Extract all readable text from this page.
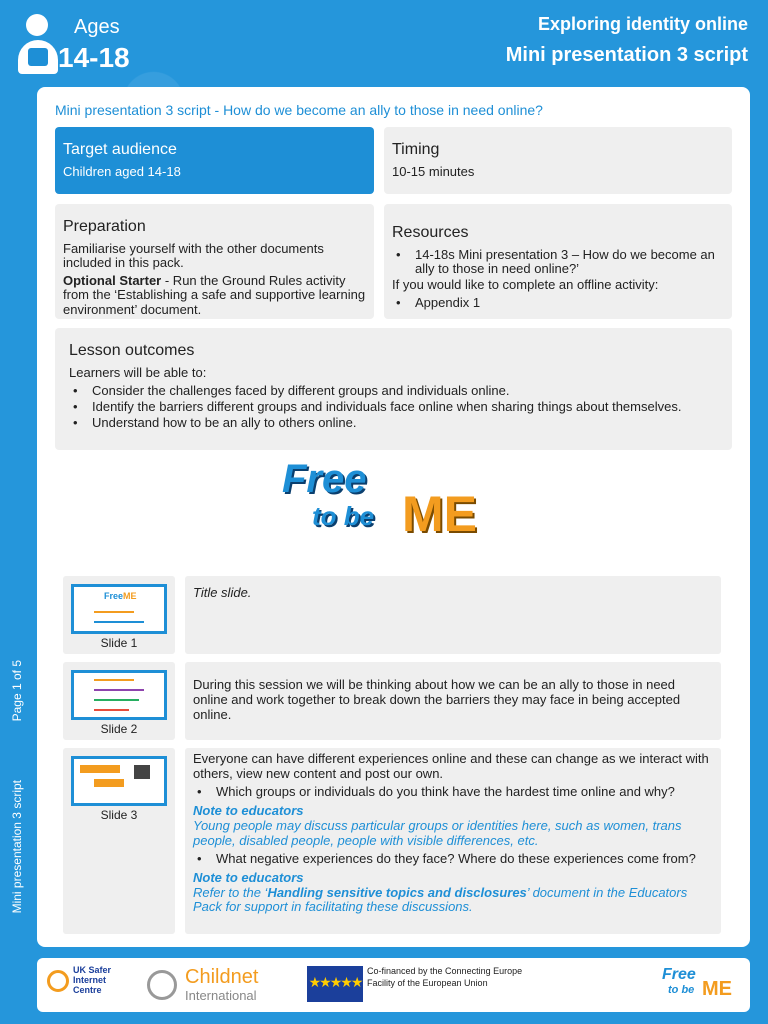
Ages
14-18
Exploring identity online
Mini presentation 3 script
Page 1 of 5
Mini presentation 3 script
Mini presentation 3 script - How do we become an ally to those in need online?
Target audience

Children aged 14-18

Timing

10-15 minutes

Preparation

Familiarise yourself with the other documents included in this pack.

Optional Starter - Run the Ground Rules activity from the ‘Establishing a safe and supportive learning environment’ document.

Resources
• 14-18s Mini presentation 3 – How do we become an ally to those in need online?’

If you would like to complete an offline activity:

• Appendix 1
Lesson outcomes

Learners will be able to:

• Consider the challenges faced by different groups and individuals online.
• Identify the barriers different groups and individuals face online when sharing things about themselves.
• Understand how to be an ally to others online.
Free
to be ME
FreeME
Slide 1
Title slide.
Slide 2
During this session we will be thinking about how we can be an ally to those in need online and work together to break down the barriers they may face in being accepted online.
Slide 3

Everyone can have different experiences online and these can change as we interact with others, view new content and post our own.

• Which groups or individuals do you think have the hardest time online and why?

Note to educators

Young people may discuss particular groups or identities here, such as women, trans people, disabled people, people with visible differences, etc.

• What negative experiences do they face? Where do these experiences come from?

Note to educators

Refer to the ‘Handling sensitive topics and disclosures’ document in the Educators Pack for support in facilitating these discussions.

UK Safer Internet Centre
Childnet
International
★★★★★
Co-financed by the Connecting Europe Facility of the European Union	Free
to be ME
